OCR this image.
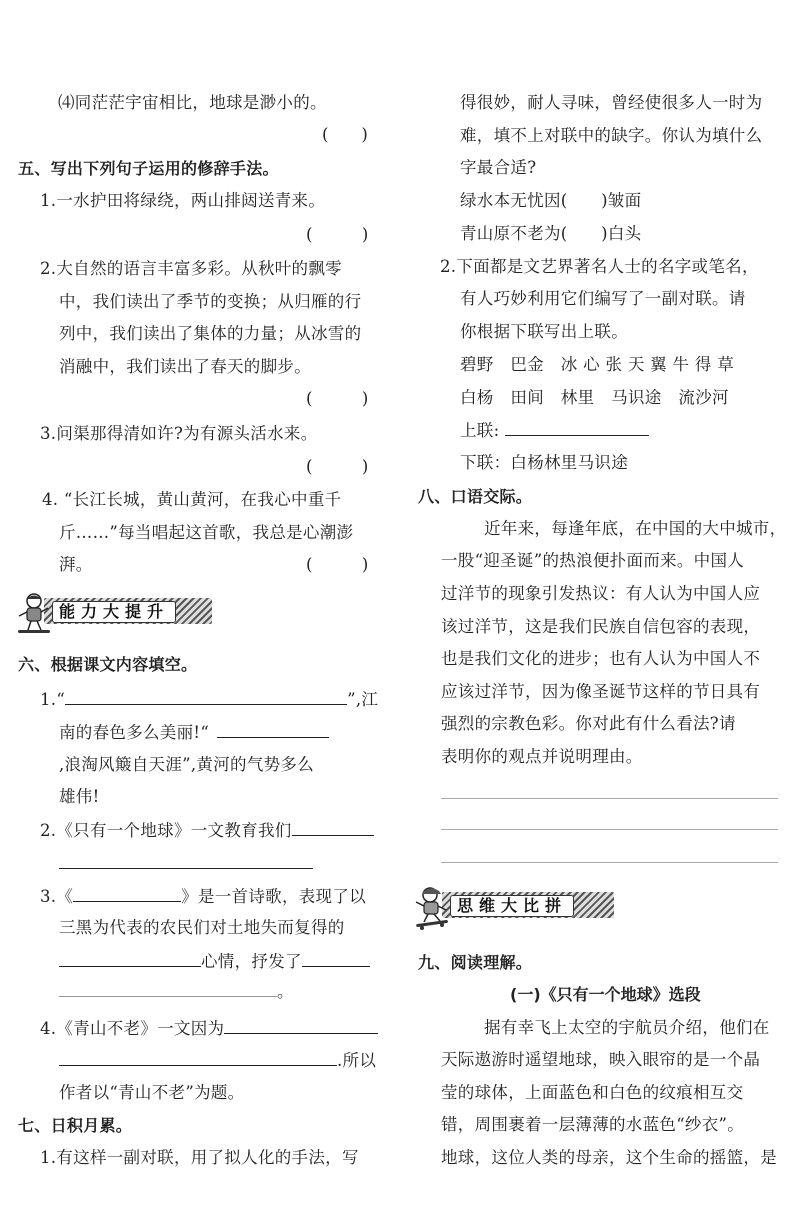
⑷同茫茫宇宙相比，地球是渺小的。
(　　)
五、写出下列句子运用的修辞手法。
1.一水护田将绿绕，两山排闼送青来。
(　　　)
2.大自然的语言丰富多彩。从秋叶的飘零
中，我们读出了季节的变换；从归雁的行
列中，我们读出了集体的力量；从冰雪的
消融中，我们读出了春天的脚步。
(　　　)
3.问渠那得清如许?为有源头活水来。
(　　　)
4. “长江长城，黄山黄河，在我心中重千
斤……”每当唱起这首歌，我总是心潮澎
湃。	(　　　)
能力大提升
六、根据课文内容填空。
1.“	”,江
南的春色多么美丽!“
,浪淘风簸自天涯”,黄河的气势多么
雄伟!
2.《只有一个地球》一文教育我们
3.《	》是一首诗歌，表现了以
三黑为代表的农民们对土地失而复得的
心情，抒发了
。
4.《青山不老》一文因为
.所以
作者以“青山不老”为题。
七、日积月累。
1.有这样一副对联，用了拟人化的手法，写
得很妙，耐人寻味，曾经使很多人一时为
难，填不上对联中的缺字。你认为填什么
字最合适?
绿水本无忧因(　　)皱面
青山原不老为(　　)白头
2.下面都是文艺界著名人士的名字或笔名，
有人巧妙利用它们编写了一副对联。请
你根据下联写出上联。
碧野　巴金　冰 心 张 天 翼 牛 得 草
白杨　田间　林里　马识途　流沙河
上联:
下联：白杨林里马识途
八、口语交际。
近年来，每逢年底，在中国的大中城市，
一股“迎圣诞”的热浪便扑面而来。中国人
过洋节的现象引发热议：有人认为中国人应
该过洋节，这是我们民族自信包容的表现，
也是我们文化的进步；也有人认为中国人不
应该过洋节，因为像圣诞节这样的节日具有
强烈的宗教色彩。你对此有什么看法?请
表明你的观点并说明理由。
思维大比拼
九、阅读理解。
(一)《只有一个地球》选段
据有幸飞上太空的宇航员介绍，他们在
天际遨游时遥望地球，映入眼帘的是一个晶
莹的球体，上面蓝色和白色的纹痕相互交
错，周围裹着一层薄薄的水蓝色“纱衣”。
地球，这位人类的母亲，这个生命的摇篮，是
